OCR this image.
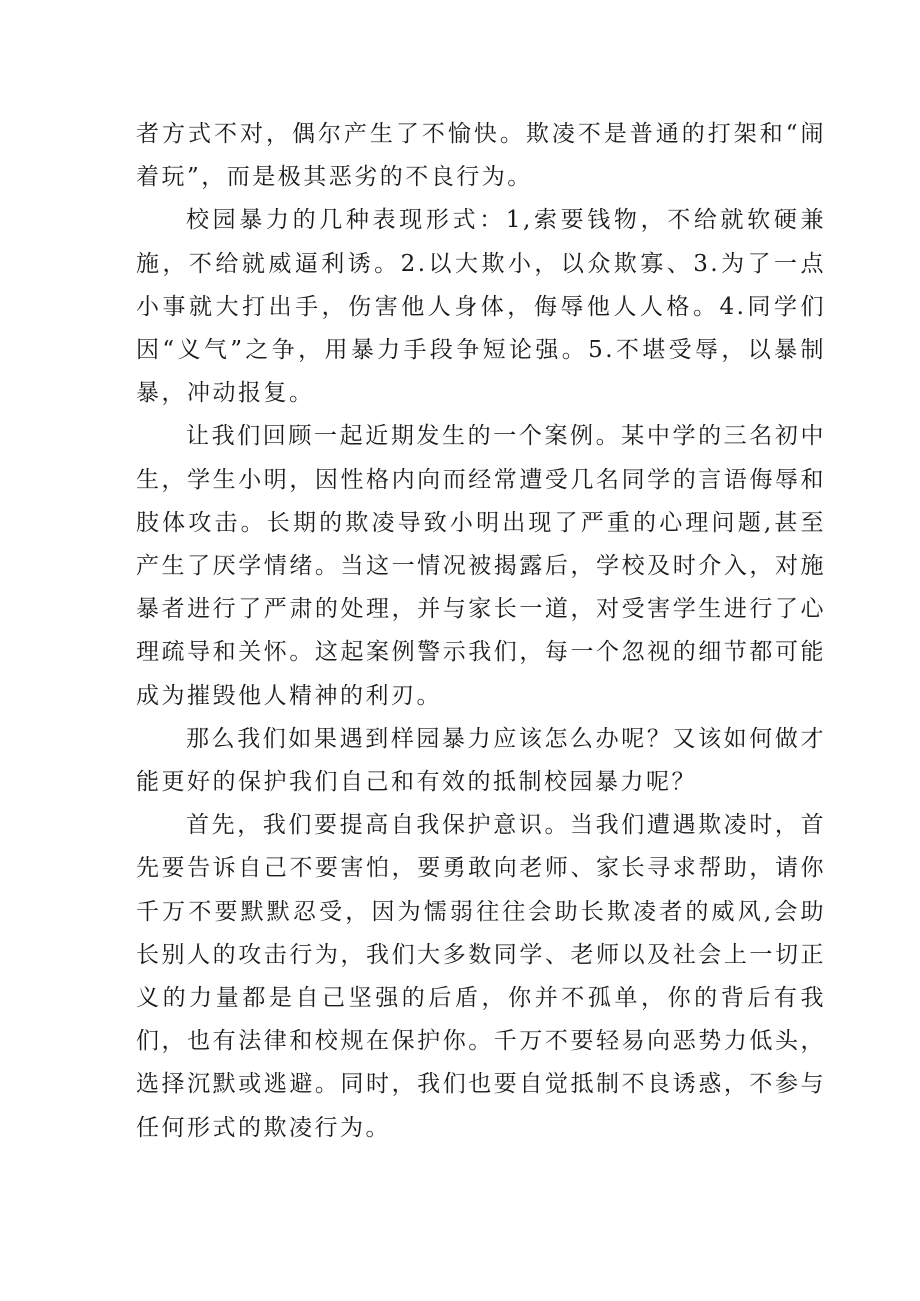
者方式不对，偶尔产生了不愉快。欺凌不是普通的打架和“闹着玩”，而是极其恶劣的不良行为。

校园暴力的几种表现形式：1,索要钱物，不给就软硬兼施，不给就威逼利诱。2.以大欺小，以众欺寡、3.为了一点小事就大打出手，伤害他人身体，侮辱他人人格。4.同学们因“义气”之争，用暴力手段争短论强。5.不堪受辱，以暴制暴，冲动报复。

让我们回顾一起近期发生的一个案例。某中学的三名初中生，学生小明，因性格内向而经常遭受几名同学的言语侮辱和肢体攻击。长期的欺凌导致小明出现了严重的心理问题,甚至产生了厌学情绪。当这一情况被揭露后，学校及时介入，对施暴者进行了严肃的处理，并与家长一道，对受害学生进行了心理疏导和关怀。这起案例警示我们，每一个忽视的细节都可能成为摧毁他人精神的利刃。

那么我们如果遇到样园暴力应该怎么办呢？又该如何做才能更好的保护我们自己和有效的抵制校园暴力呢？

首先，我们要提高自我保护意识。当我们遭遇欺凌时，首先要告诉自己不要害怕，要勇敢向老师、家长寻求帮助，请你千万不要默默忍受，因为懦弱往往会助长欺凌者的威风,会助长别人的攻击行为，我们大多数同学、老师以及社会上一切正义的力量都是自己坚强的后盾，你并不孤单，你的背后有我们，也有法律和校规在保护你。千万不要轻易向恶势力低头，选择沉默或逃避。同时，我们也要自觉抵制不良诱惑，不参与任何形式的欺凌行为。
